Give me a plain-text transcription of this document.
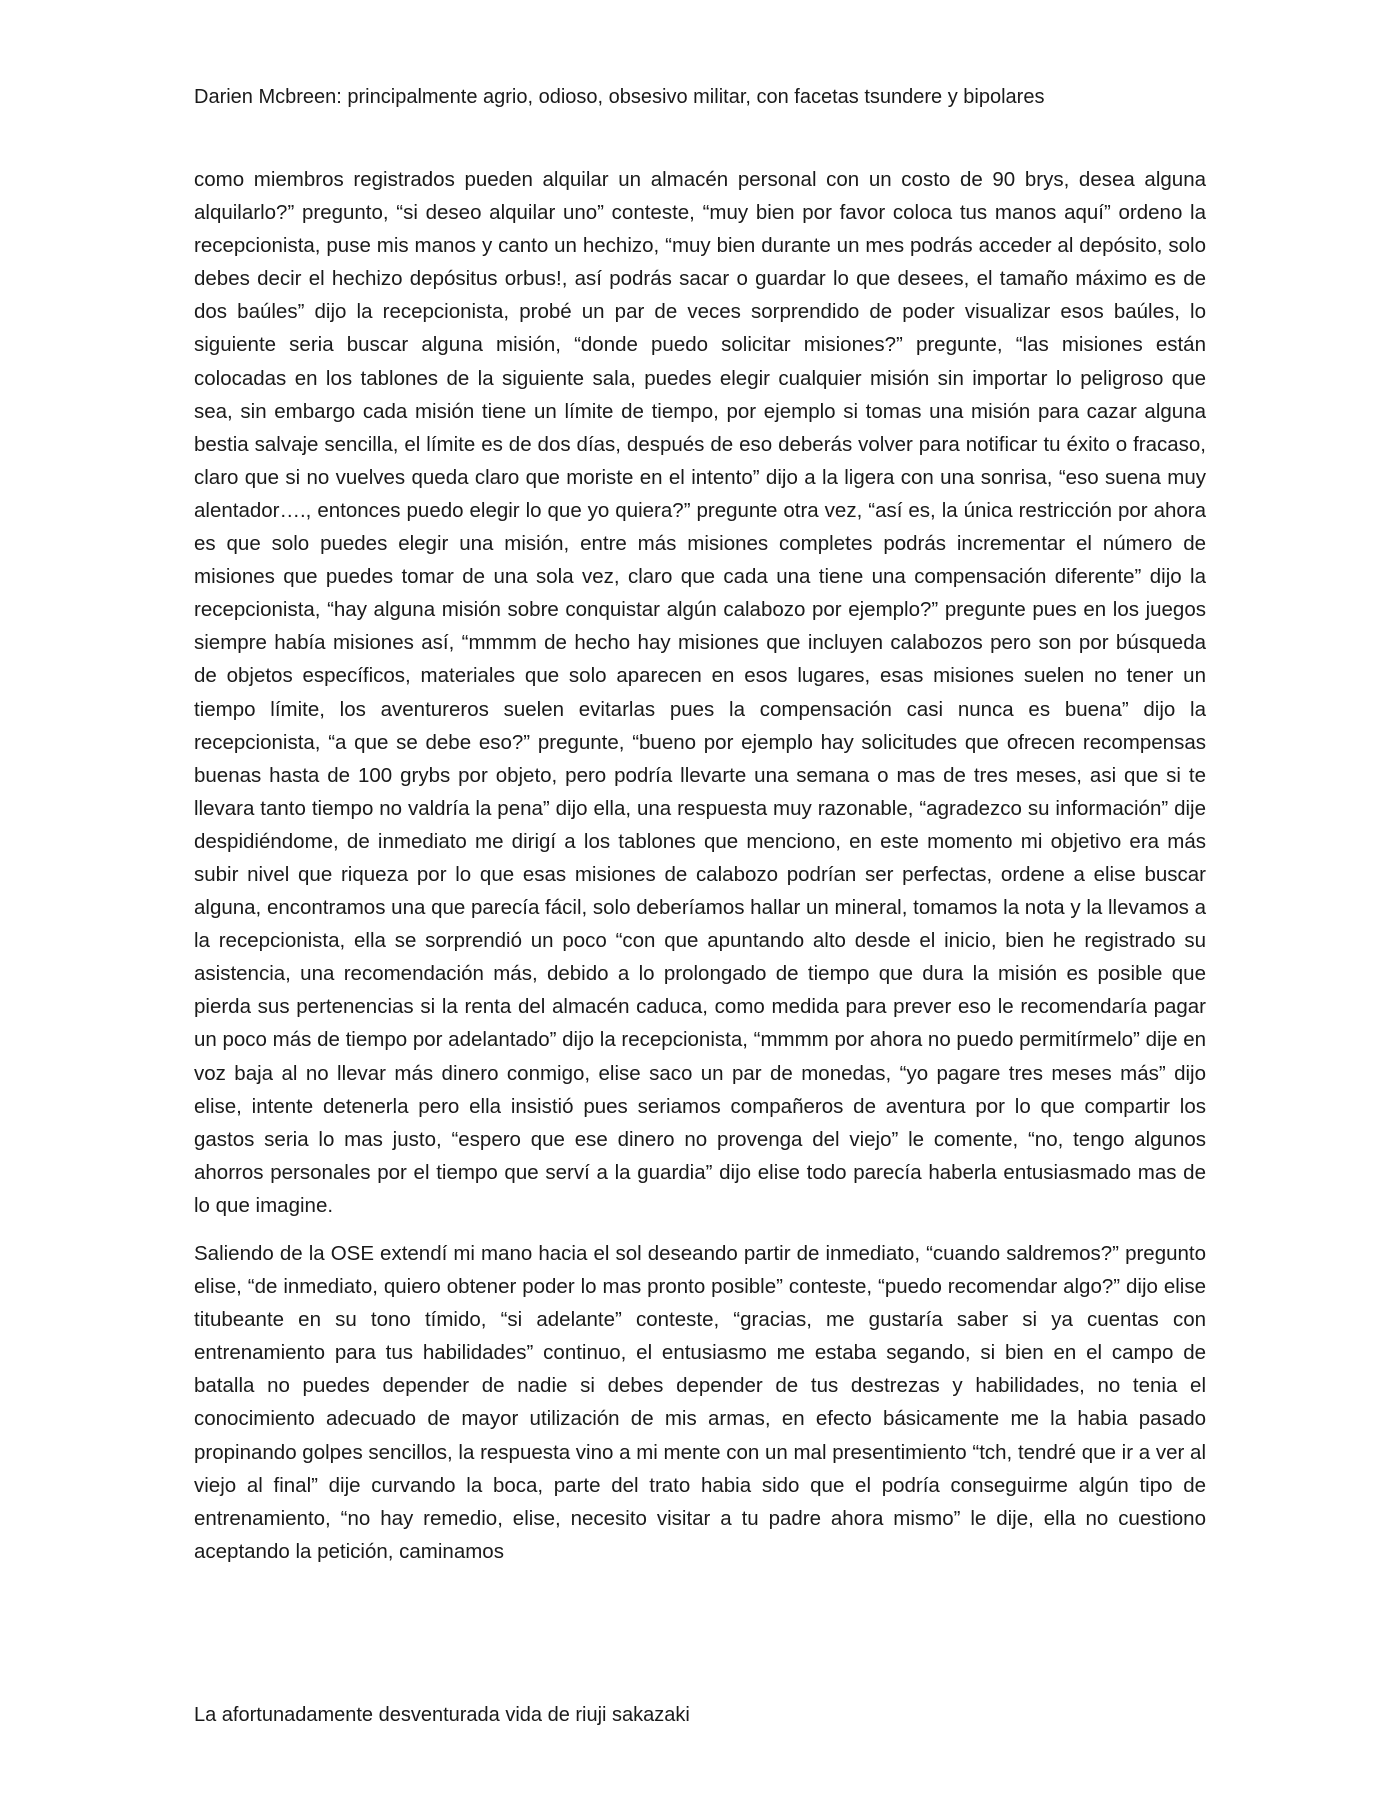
Darien Mcbreen: principalmente agrio, odioso, obsesivo militar, con facetas tsundere y bipolares

como miembros registrados pueden alquilar un almacén personal con un costo de 90 brys, desea alguna alquilarlo?” pregunto, “si deseo alquilar uno” conteste, “muy bien por favor coloca tus manos aquí” ordeno la recepcionista, puse mis manos y canto un hechizo, “muy bien durante un mes podrás acceder al depósito, solo debes decir el hechizo depósitus orbus!, así podrás sacar o guardar lo que desees, el tamaño máximo es de dos baúles” dijo la recepcionista, probé un par de veces sorprendido de poder visualizar esos baúles, lo siguiente seria buscar alguna misión, “donde puedo solicitar misiones?” pregunte, “las misiones están colocadas en los tablones de la siguiente sala, puedes elegir cualquier misión sin importar lo peligroso que sea, sin embargo cada misión tiene un límite de tiempo, por ejemplo si tomas una misión para cazar alguna bestia salvaje sencilla, el límite es de dos días, después de eso deberás volver para notificar tu éxito o fracaso, claro que si no vuelves queda claro que moriste en el intento” dijo a la ligera con una sonrisa, “eso suena muy alentador…., entonces puedo elegir lo que yo quiera?” pregunte otra vez, “así es, la única restricción por ahora es que solo puedes elegir una misión, entre más misiones completes podrás incrementar el número de misiones que puedes tomar de una sola vez, claro que cada una tiene una compensación diferente” dijo la recepcionista, “hay alguna misión sobre conquistar algún calabozo por ejemplo?” pregunte pues en los juegos siempre había misiones así, “mmmm de hecho hay misiones que incluyen calabozos pero son por búsqueda de objetos específicos, materiales que solo aparecen en esos lugares, esas misiones suelen no tener un tiempo límite, los aventureros suelen evitarlas pues la compensación casi nunca es buena” dijo la recepcionista, “a que se debe eso?” pregunte, “bueno por ejemplo hay solicitudes que ofrecen recompensas buenas hasta de 100 grybs por objeto, pero podría llevarte una semana o mas de tres meses, asi que si te llevara tanto tiempo no valdría la pena” dijo ella, una respuesta muy razonable, “agradezco su información” dije despidiéndome, de inmediato me dirigí a los tablones que menciono, en este momento mi objetivo era más subir nivel que riqueza por lo que esas misiones de calabozo podrían ser perfectas, ordene a elise buscar alguna, encontramos una que parecía fácil, solo deberíamos hallar un mineral, tomamos la nota y la llevamos a la recepcionista, ella se sorprendió un poco “con que apuntando alto desde el inicio, bien he registrado su asistencia, una recomendación más, debido a lo prolongado de tiempo que dura la misión es posible que pierda sus pertenencias si la renta del almacén caduca, como medida para prever eso le recomendaría pagar un poco más de tiempo por adelantado” dijo la recepcionista, “mmmm por ahora no puedo permitírmelo” dije en voz baja al no llevar más dinero conmigo, elise saco un par de monedas, “yo pagare tres meses más” dijo elise, intente detenerla pero ella insistió pues seriamos compañeros de aventura por lo que compartir los gastos seria lo mas justo, “espero que ese dinero no provenga del viejo” le comente, “no, tengo algunos ahorros personales por el tiempo que serví a la guardia” dijo elise todo parecía haberla entusiasmado mas de lo que imagine.

Saliendo de la OSE extendí mi mano hacia el sol deseando partir de inmediato, “cuando saldremos?” pregunto elise, “de inmediato, quiero obtener poder lo mas pronto posible” conteste, “puedo recomendar algo?” dijo elise titubeante en su tono tímido, “si adelante” conteste, “gracias, me gustaría saber si ya cuentas con entrenamiento para tus habilidades” continuo, el entusiasmo me estaba segando, si bien en el campo de batalla no puedes depender de nadie si debes depender de tus destrezas y habilidades, no tenia el conocimiento adecuado de mayor utilización de mis armas, en efecto básicamente me la habia pasado propinando golpes sencillos, la respuesta vino a mi mente con un mal presentimiento “tch, tendré que ir a ver al viejo al final” dije curvando la boca, parte del trato habia sido que el podría conseguirme algún tipo de entrenamiento, “no hay remedio, elise, necesito visitar a tu padre ahora mismo” le dije, ella no cuestiono aceptando la petición, caminamos

La afortunadamente desventurada vida de riuji sakazaki
